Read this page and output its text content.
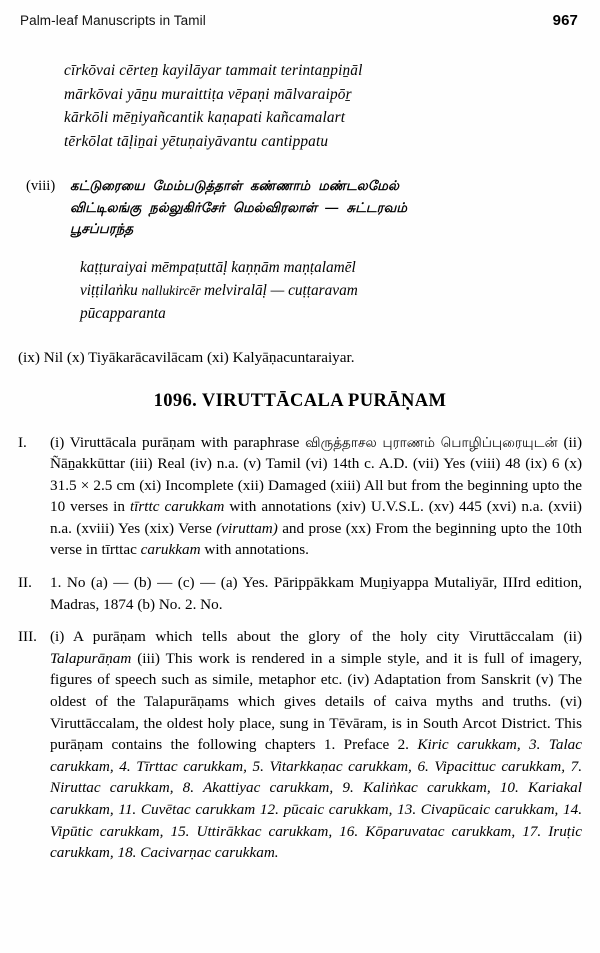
Palm-leaf Manuscripts in Tamil	967
cīrkōvai cērteṉ kayilāyar tammait terintaṉpiṉāl
mārkōvai yāṉu muraittiṭa vēpaṇi mālvaraipōṟ
kārkōli mēṉiyañcantik kaṇapati kañcamalart
tērkōlat tāḷiṉai yētuṇaiyāvantu cantippatu
(viii)	கட்டுரையை மேம்படுத்தாள் கண்ணாம் மண்டலமேல்
விட்டிலங்கு நல்லுகிர்சேர் மெல்விரலாள் — சுட்டரவம்
பூசப்பரந்த
kaṭṭuraiyai mēmpaṭuttāḷ kaṇṇām maṇṭalamēl
viṭṭilaṅku nallukircēr melviralāḷ — cuṭṭaravam
pūcapparanta
(ix) Nil (x) Tiyākarācavilācam (xi) Kalyāṇacuntaraiyar.
1096. VIRUTTĀCALA PURĀṆAM
I.	(i) Viruttācala purāṇam with paraphrase விருத்தாசல புராணம் பொழிப்புரையுடன் (ii) Ñāṉakkūttar (iii) Real (iv) n.a. (v) Tamil (vi) 14th c. A.D. (vii) Yes (viii) 48 (ix) 6 (x) 31.5 × 2.5 cm (xi) Incomplete (xii) Damaged (xiii) All but from the beginning upto the 10 verses in tīrttc carukkam with annotations (xiv) U.V.S.L. (xv) 445 (xvi) n.a. (xvii) n.a. (xviii) Yes (xix) Verse (viruttam) and prose (xx) From the beginning upto the 10th verse in tīrttac carukkam with annotations.

II.	1. No (a) — (b) — (c) — (a) Yes. Pārippākkam Muṉiyappa Mutaliyār, IIIrd edition, Madras, 1874 (b) No. 2. No.

III. (i) A purāṇam which tells about the glory of the holy city Viruttāccalam (ii) Talapurāṇam (iii) This work is rendered in a simple style, and it is full of imagery, figures of speech such as simile, metaphor etc. (iv) Adaptation from Sanskrit (v) The oldest of the Talapurāṇams which gives details of caiva myths and truths. (vi) Viruttāccalam, the oldest holy place, sung in Tēvāram, is in South Arcot District. This purāṇam contains the following chapters 1. Preface 2. Kiric carukkam, 3. Talac carukkam, 4. Tīrttac carukkam, 5. Vitarkkaṇac carukkam, 6. Vipacittuc carukkam, 7. Niruttac carukkam, 8. Akattiyac carukkam, 9. Kaliṅkac carukkam, 10. Kariakal carukkam, 11. Cuvētac carukkam 12. pūcaic carukkam, 13. Civapūcaic carukkam, 14. Vipūtic carukkam, 15. Uttirākkac carukkam, 16. Kōparuvatac carukkam, 17. Iruṭic carukkam, 18. Cacivarṇac carukkam.
